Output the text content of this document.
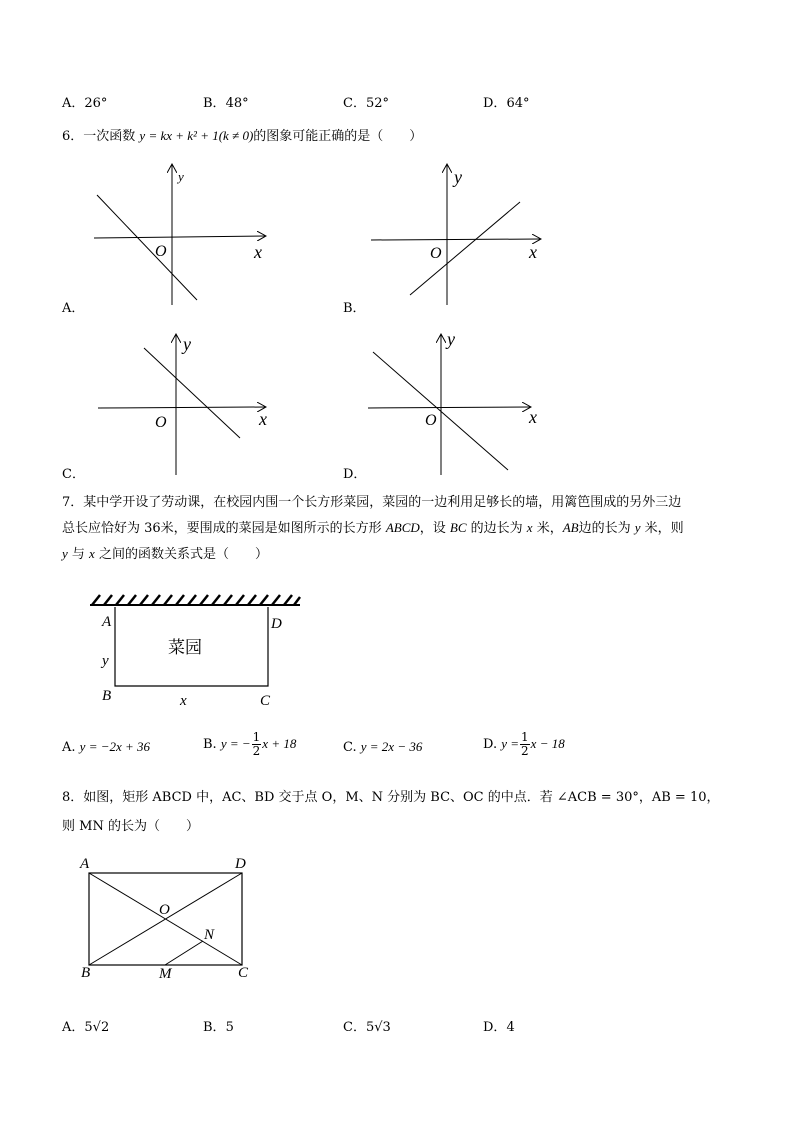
A．26°	B．48°	C．52°	D．64°
6．一次函数 y = kx + k² + 1(k ≠ 0)的图象可能正确的是（　　）
y
x
O
y
x
O
y
x
O
y
x
O
A．	B．
C．	D．
7．某中学开设了劳动课，在校园内围一个长方形菜园，菜园的一边利用足够长的墙，用篱笆围成的另外三边
总长应恰好为 36米，要围成的菜园是如图所示的长方形 ABCD，设 BC 的边长为 x 米，AB边的长为 y 米，则
y 与 x 之间的函数关系式是（　　）
A	D
B	C
y
x
菜园
A. y = −2x + 36	B. y = − $\frac{1}{2}$ x + 18	C. y = 2x − 36	D. $y = \frac{1}{2}$ x − 18
8．如图，矩形 ABCD 中，AC、BD 交于点 O，M、N 分别为 BC、OC 的中点．若 ∠ACB = 30°，AB = 10，
则 MN 的长为（　　）
A	D
O
N
B	M	C
A．5√2	B．5	C．5√3	D．4
